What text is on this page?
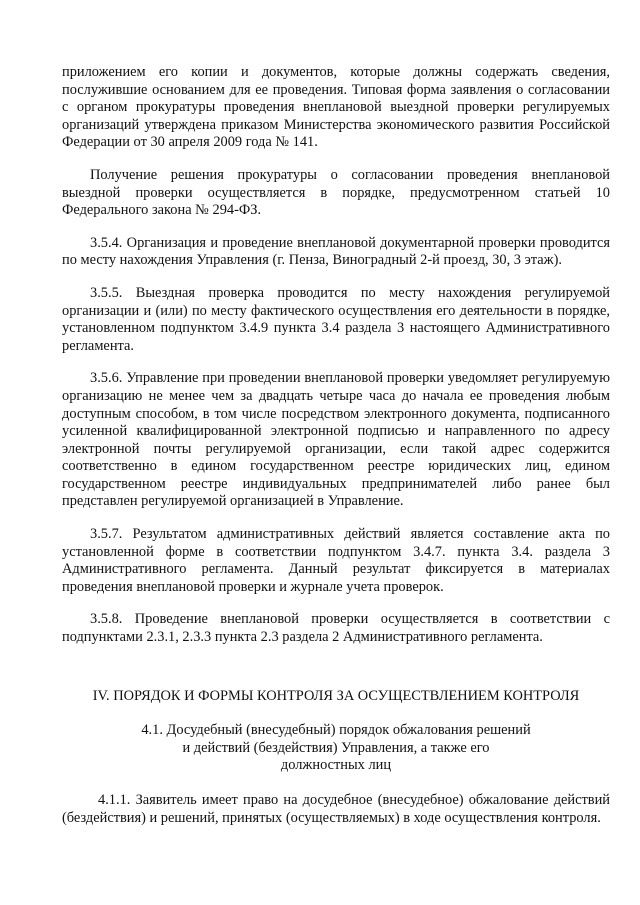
приложением его копии и документов, которые должны содержать сведения, послужившие основанием для ее проведения. Типовая форма заявления о согласовании с органом прокуратуры проведения внеплановой выездной проверки регулируемых организаций утверждена приказом Министерства экономического развития Российской Федерации от 30 апреля 2009 года № 141.

Получение решения прокуратуры о согласовании проведения внеплановой выездной проверки осуществляется в порядке, предусмотренном статьей 10 Федерального закона № 294-ФЗ.

3.5.4. Организация и проведение внеплановой документарной проверки проводится по месту нахождения Управления (г. Пенза, Виноградный 2-й проезд, 30, 3 этаж).

3.5.5. Выездная проверка проводится по месту нахождения регулируемой организации и (или) по месту фактического осуществления его деятельности в порядке, установленном подпунктом 3.4.9 пункта 3.4 раздела 3 настоящего Административного регламента.

3.5.6. Управление при проведении внеплановой проверки уведомляет регулируемую организацию не менее чем за двадцать четыре часа до начала ее проведения любым доступным способом, в том числе посредством электронного документа, подписанного усиленной квалифицированной электронной подписью и направленного по адресу электронной почты регулируемой организации, если такой адрес содержится соответственно в едином государственном реестре юридических лиц, едином государственном реестре индивидуальных предпринимателей либо ранее был представлен регулируемой организацией в Управление.

3.5.7. Результатом административных действий является составление акта по установленной форме в соответствии подпунктом 3.4.7. пункта 3.4. раздела 3 Административного регламента. Данный результат фиксируется в материалах проведения внеплановой проверки и журнале учета проверок.

3.5.8. Проведение внеплановой проверки осуществляется в соответствии с подпунктами 2.3.1, 2.3.3 пункта 2.3 раздела 2 Административного регламента.

IV. ПОРЯДОК И ФОРМЫ КОНТРОЛЯ ЗА ОСУЩЕСТВЛЕНИЕМ КОНТРОЛЯ
4.1. Досудебный (внесудебный) порядок обжалования решений
и действий (бездействия) Управления, а также его
должностных лиц

4.1.1. Заявитель имеет право на досудебное (внесудебное) обжалование действий (бездействия) и решений, принятых (осуществляемых) в ходе осуществления контроля.
